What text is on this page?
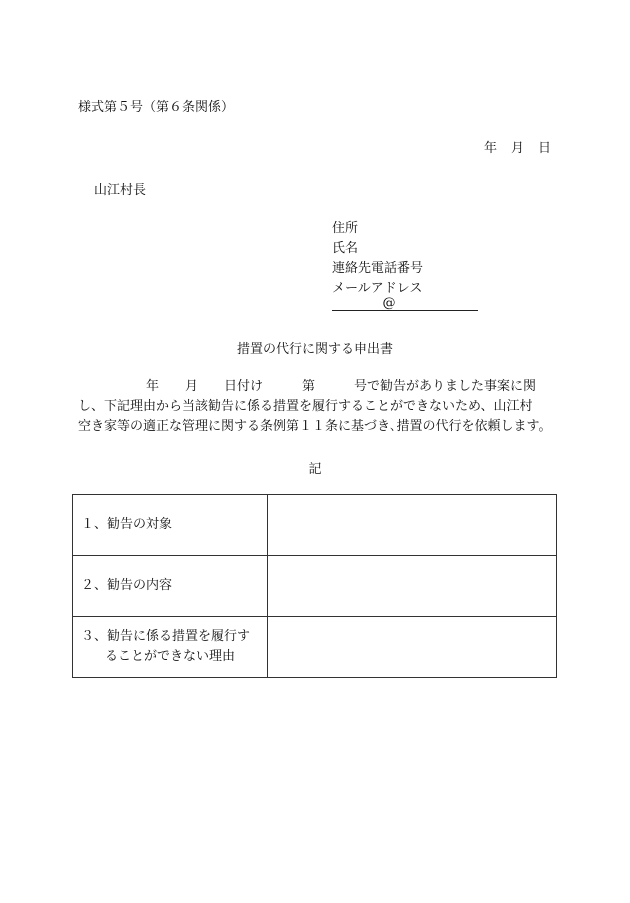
様式第５号（第６条関係）
年 月 日
山江村長
住所
氏名
連絡先電話番号
メールアドレス
@
措置の代行に関する申出書
年　　月　　日付け　　　第　　　号で勧告がありました事案に関
し、下記理由から当該勧告に係る措置を履行することができないため、山江村
空き家等の適正な管理に関する条例第１１条に基づき､措置の代行を依頼します。
記
１、勧告の対象	
２、勧告の内容	

３、勧告に係る措置を履行す
ることができない理由	
